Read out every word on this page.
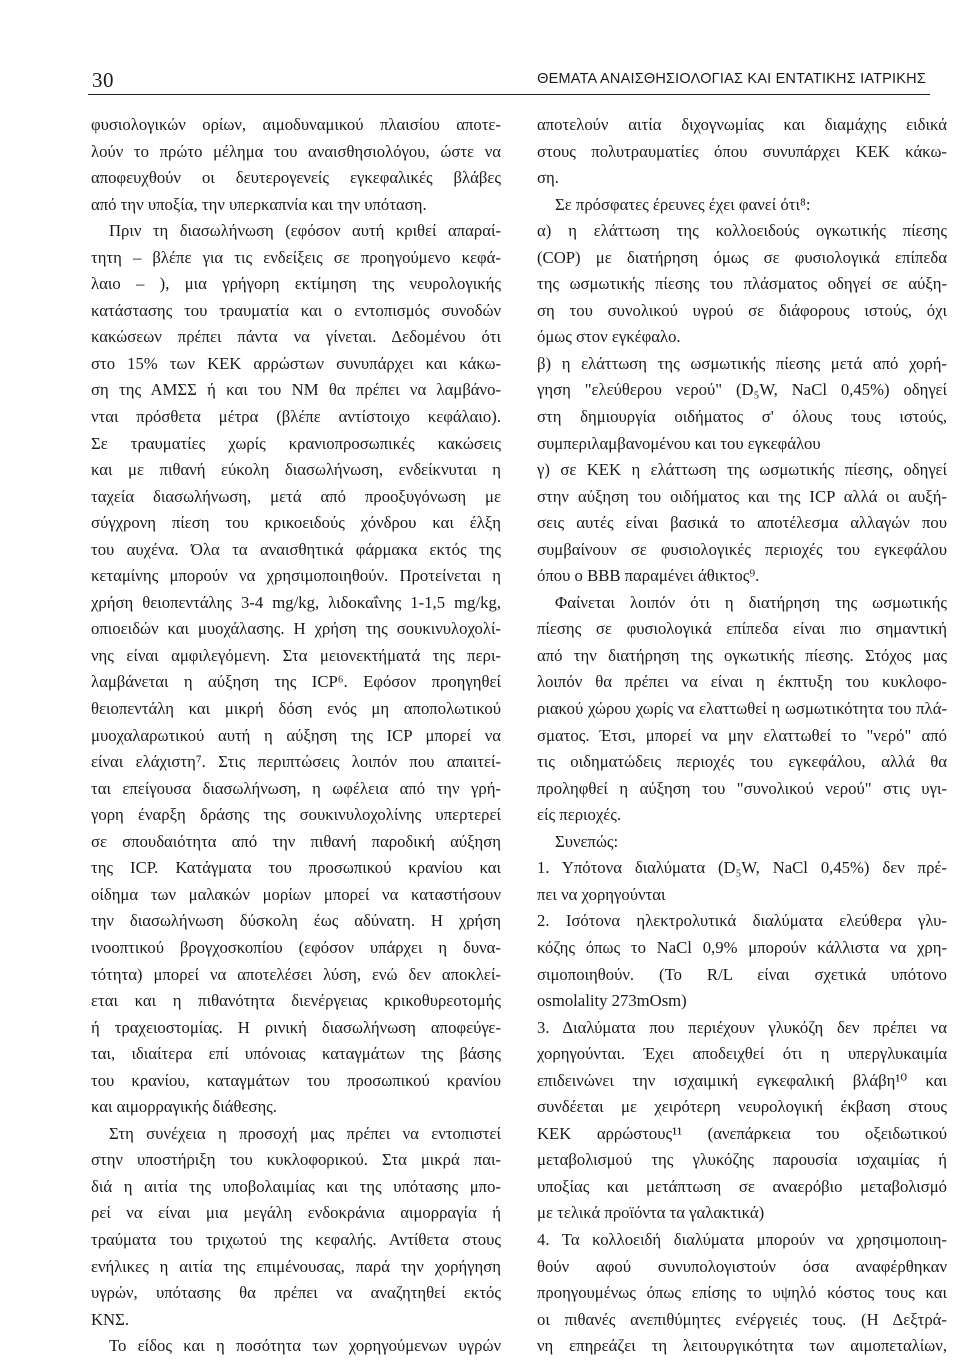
30	ΘΕΜΑΤΑ ΑΝΑΙΣΘΗΣΙΟΛΟΓΙΑΣ ΚΑΙ ΕΝΤΑΤΙΚΗΣ ΙΑΤΡΙΚΗΣ
φυσιολογικών ορίων, αιμοδυναμικού πλαισίου αποτε-
λούν το πρώτο μέλημα του αναισθησιολόγου, ώστε να
αποφευχθούν οι δευτερογενείς εγκεφαλικές βλάβες
από την υποξία, την υπερκαπνία και την υπόταση.
Πριν τη διασωλήνωση (εφόσον αυτή κριθεί απαραί-
τητη – βλέπε για τις ενδείξεις σε προηγούμενο κεφά-
λαιο – ), μια γρήγορη εκτίμηση της νευρολογικής
κατάστασης του τραυματία και ο εντοπισμός συνοδών
κακώσεων πρέπει πάντα να γίνεται. Δεδομένου ότι
στο 15% των ΚΕΚ αρρώστων συνυπάρχει και κάκω-
ση της ΑΜΣΣ ή και του ΝΜ θα πρέπει να λαμβάνο-
νται πρόσθετα μέτρα (βλέπε αντίστοιχο κεφάλαιο).
Σε τραυματίες χωρίς κρανιοπροσωπικές κακώσεις
και με πιθανή εύκολη διασωλήνωση, ενδείκνυται η
ταχεία διασωλήνωση, μετά από προοξυγόνωση με
σύγχρονη πίεση του κρικοειδούς χόνδρου και έλξη
του αυχένα. Όλα τα αναισθητικά φάρμακα εκτός της
κεταμίνης μπορούν να χρησιμοποιηθούν. Προτείνεται η
χρήση θειοπεντάλης 3-4 mg/kg, λιδοκαΐνης 1-1,5 mg/kg,
οπιοειδών και μυοχάλασης. Η χρήση της σουκινυλοχολί-
νης είναι αμφιλεγόμενη. Στα μειονεκτήματά της περι-
λαμβάνεται η αύξηση της ICP⁶. Εφόσον προηγηθεί
θειοπεντάλη και μικρή δόση ενός μη αποπολωτικού
μυοχαλαρωτικού αυτή η αύξηση της ICP μπορεί να
είναι ελάχιστη⁷. Στις περιπτώσεις λοιπόν που απαιτεί-
ται επείγουσα διασωλήνωση, η ωφέλεια από την γρή-
γορη έναρξη δράσης της σουκινυλοχολίνης υπερτερεί
σε σπουδαιότητα από την πιθανή παροδική αύξηση
της ICP. Κατάγματα του προσωπικού κρανίου και
οίδημα των μαλακών μορίων μπορεί να καταστήσουν
την διασωλήνωση δύσκολη έως αδύνατη. Η χρήση
ινοοπτικού βρογχοσκοπίου (εφόσον υπάρχει η δυνα-
τότητα) μπορεί να αποτελέσει λύση, ενώ δεν αποκλεί-
εται και η πιθανότητα διενέργειας κρικοθυρεοτομής
ή τραχειοστομίας. Η ρινική διασωλήνωση αποφεύγε-
ται, ιδιαίτερα επί υπόνοιας καταγμάτων της βάσης
του κρανίου, καταγμάτων του προσωπικού κρανίου
και αιμορραγικής διάθεσης.
Στη συνέχεια η προσοχή μας πρέπει να εντοπιστεί
στην υποστήριξη του κυκλοφορικού. Στα μικρά παι-
διά η αιτία της υποβολαιμίας και της υπότασης μπο-
ρεί να είναι μια μεγάλη ενδοκράνια αιμορραγία ή
τραύματα του τριχωτού της κεφαλής. Αντίθετα στους
ενήλικες η αιτία της επιμένουσας, παρά την χορήγηση
υγρών, υπότασης θα πρέπει να αναζητηθεί εκτός
ΚΝΣ.
Το είδος και η ποσότητα των χορηγούμενων υγρών
αποτελούν αιτία διχογνωμίας και διαμάχης ειδικά
στους πολυτραυματίες όπου συνυπάρχει ΚΕΚ κάκω-
ση.
Σε πρόσφατες έρευνες έχει φανεί ότι⁸:
α) η ελάττωση της κολλοειδούς ογκωτικής πίεσης
(COP) με διατήρηση όμως σε φυσιολογικά επίπεδα
της ωσμωτικής πίεσης του πλάσματος οδηγεί σε αύξη-
ση του συνολικού υγρού σε διάφορους ιστούς, όχι
όμως στον εγκέφαλο.
β) η ελάττωση της ωσμωτικής πίεσης μετά από χορή-
γηση "ελεύθερου νερού" (D₅W, NaCl 0,45%) οδηγεί
στη δημιουργία οιδήματος σ' όλους τους ιστούς,
συμπεριλαμβανομένου και του εγκεφάλου
γ) σε ΚΕΚ η ελάττωση της ωσμωτικής πίεσης, οδηγεί
στην αύξηση του οιδήματος και της ICP αλλά οι αυξή-
σεις αυτές είναι βασικά το αποτέλεσμα αλλαγών που
συμβαίνουν σε φυσιολογικές περιοχές του εγκεφάλου
όπου ο BBB παραμένει άθικτος⁹.
Φαίνεται λοιπόν ότι η διατήρηση της ωσμωτικής
πίεσης σε φυσιολογικά επίπεδα είναι πιο σημαντική
από την διατήρηση της ογκωτικής πίεσης. Στόχος μας
λοιπόν θα πρέπει να είναι η έκπτυξη του κυκλοφο-
ριακού χώρου χωρίς να ελαττωθεί η ωσμωτικότητα του πλά-
σματος. Έτσι, μπορεί να μην ελαττωθεί το "νερό" από
τις οιδηματώδεις περιοχές του εγκεφάλου, αλλά θα
προληφθεί η αύξηση του "συνολικού νερού" στις υγι-
είς περιοχές.
Συνεπώς:
1. Υπότονα διαλύματα (D₅W, NaCl 0,45%) δεν πρέ-
πει να χορηγούνται
2. Ισότονα ηλεκτρολυτικά διαλύματα ελεύθερα γλυ-
κόζης όπως το NaCl 0,9% μπορούν κάλλιστα να χρη-
σιμοποιηθούν. (Το R/L είναι σχετικά υπότονο
osmolality 273mOsm)
3. Διαλύματα που περιέχουν γλυκόζη δεν πρέπει να
χορηγούνται. Έχει αποδειχθεί ότι η υπεργλυκαιμία
επιδεινώνει την ισχαιμική εγκεφαλική βλάβη¹⁰ και
συνδέεται με χειρότερη νευρολογική έκβαση στους
ΚΕΚ αρρώστους¹¹ (ανεπάρκεια του οξειδωτικού
μεταβολισμού της γλυκόζης παρουσία ισχαιμίας ή
υποξίας και μετάπτωση σε αναερόβιο μεταβολισμό
με τελικά προϊόντα τα γαλακτικά)
4. Τα κολλοειδή διαλύματα μπορούν να χρησιμοποιη-
θούν αφού συνυπολογιστούν όσα αναφέρθηκαν
προηγουμένως όπως επίσης το υψηλό κόστος τους και
οι πιθανές ανεπιθύμητες ενέργειές τους. (Η Δεξτρά-
νη επηρεάζει τη λειτουργικότητα των αιμοπεταλίων,
